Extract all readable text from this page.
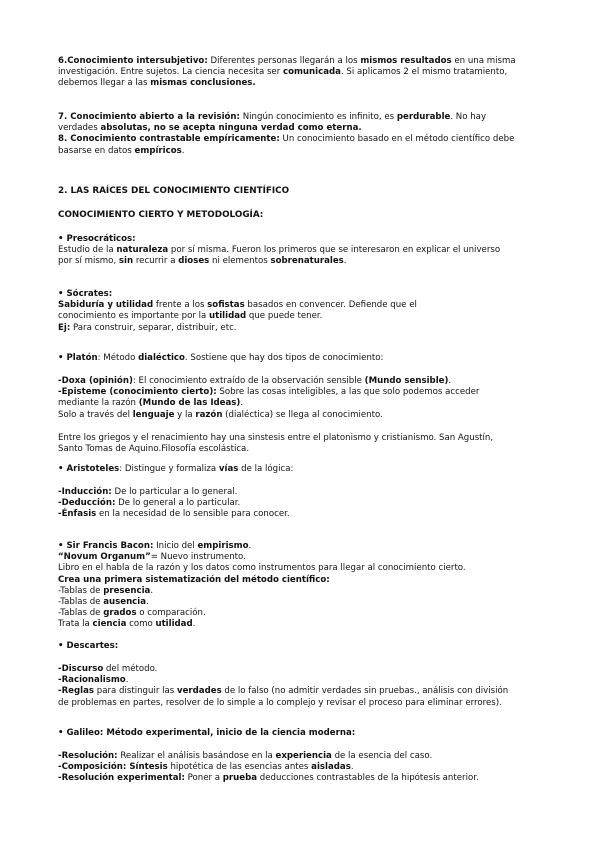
6.Conocimiento intersubjetivo: Diferentes personas llegarán a los mismos resultados en una misma
investigación. Entre sujetos. La ciencia necesita ser comunicada. Si aplicamos 2 el mismo tratamiento,
debemos llegar a las mismas conclusiones.
7. Conocimiento abierto a la revisión: Ningún conocimiento es infinito, es perdurable. No hay
verdades absolutas, no se acepta ninguna verdad como eterna.
8. Conocimiento contrastable empíricamente: Un conocimiento basado en el método científico debe
basarse en datos empíricos.
2. LAS RAÍCES DEL CONOCIMIENTO CIENTÍFICO
CONOCIMIENTO CIERTO Y METODOLOGÍA:
• Presocráticos:
Estudio de la naturaleza por sí misma. Fueron los primeros que se interesaron en explicar el universo
por sí mismo, sin recurrir a dioses ni elementos sobrenaturales.
• Sócrates:
Sabiduría y utilidad frente a los sofistas basados en convencer. Defiende que el
conocimiento es importante por la utilidad que puede tener.
Ej: Para construir, separar, distribuir, etc.
• Platón: Método dialéctico. Sostiene que hay dos tipos de conocimiento:
-Doxa (opinión): El conocimiento extraído de la observación sensible (Mundo sensible).
-Episteme (conocimiento cierto): Sobre las cosas inteligibles, a las que solo podemos acceder
mediante la razón (Mundo de las Ideas).
Solo a través del lenguaje y la razón (dialéctica) se llega al conocimiento.
Entre los griegos y el renacimiento hay una sinstesis entre el platonismo y cristianismo. San Agustín,
Santo Tomas de Aquino.Filosofía escolástica.
• Aristoteles: Distingue y formaliza vías de la lógica:
-Inducción: De lo particular a lo general.
-Deducción: De lo general a lo particular.
-Énfasis en la necesidad de lo sensible para conocer.
• Sir Francis Bacon: Inicio del empirismo.
“Novum Organum”= Nuevo instrumento.
Libro en el habla de la razón y los datos como instrumentos para llegar al conocimiento cierto.
Crea una primera sistematización del método científico:
-Tablas de presencia.
-Tablas de ausencia.
-Tablas de grados o comparación.
Trata la ciencia como utilidad.
• Descartes:
-Discurso del método.
-Racionalismo.
-Reglas para distinguir las verdades de lo falso (no admitir verdades sin pruebas., análisis con división
de problemas en partes, resolver de lo simple a lo complejo y revisar el proceso para eliminar errores).
• Galileo: Método experimental, inicio de la ciencia moderna:
-Resolución: Realizar el análisis basándose en la experiencia de la esencia del caso.
-Composición: Síntesis hipotética de las esencias antes aisladas.
-Resolución experimental: Poner a prueba deducciones contrastables de la hipótesis anterior.
